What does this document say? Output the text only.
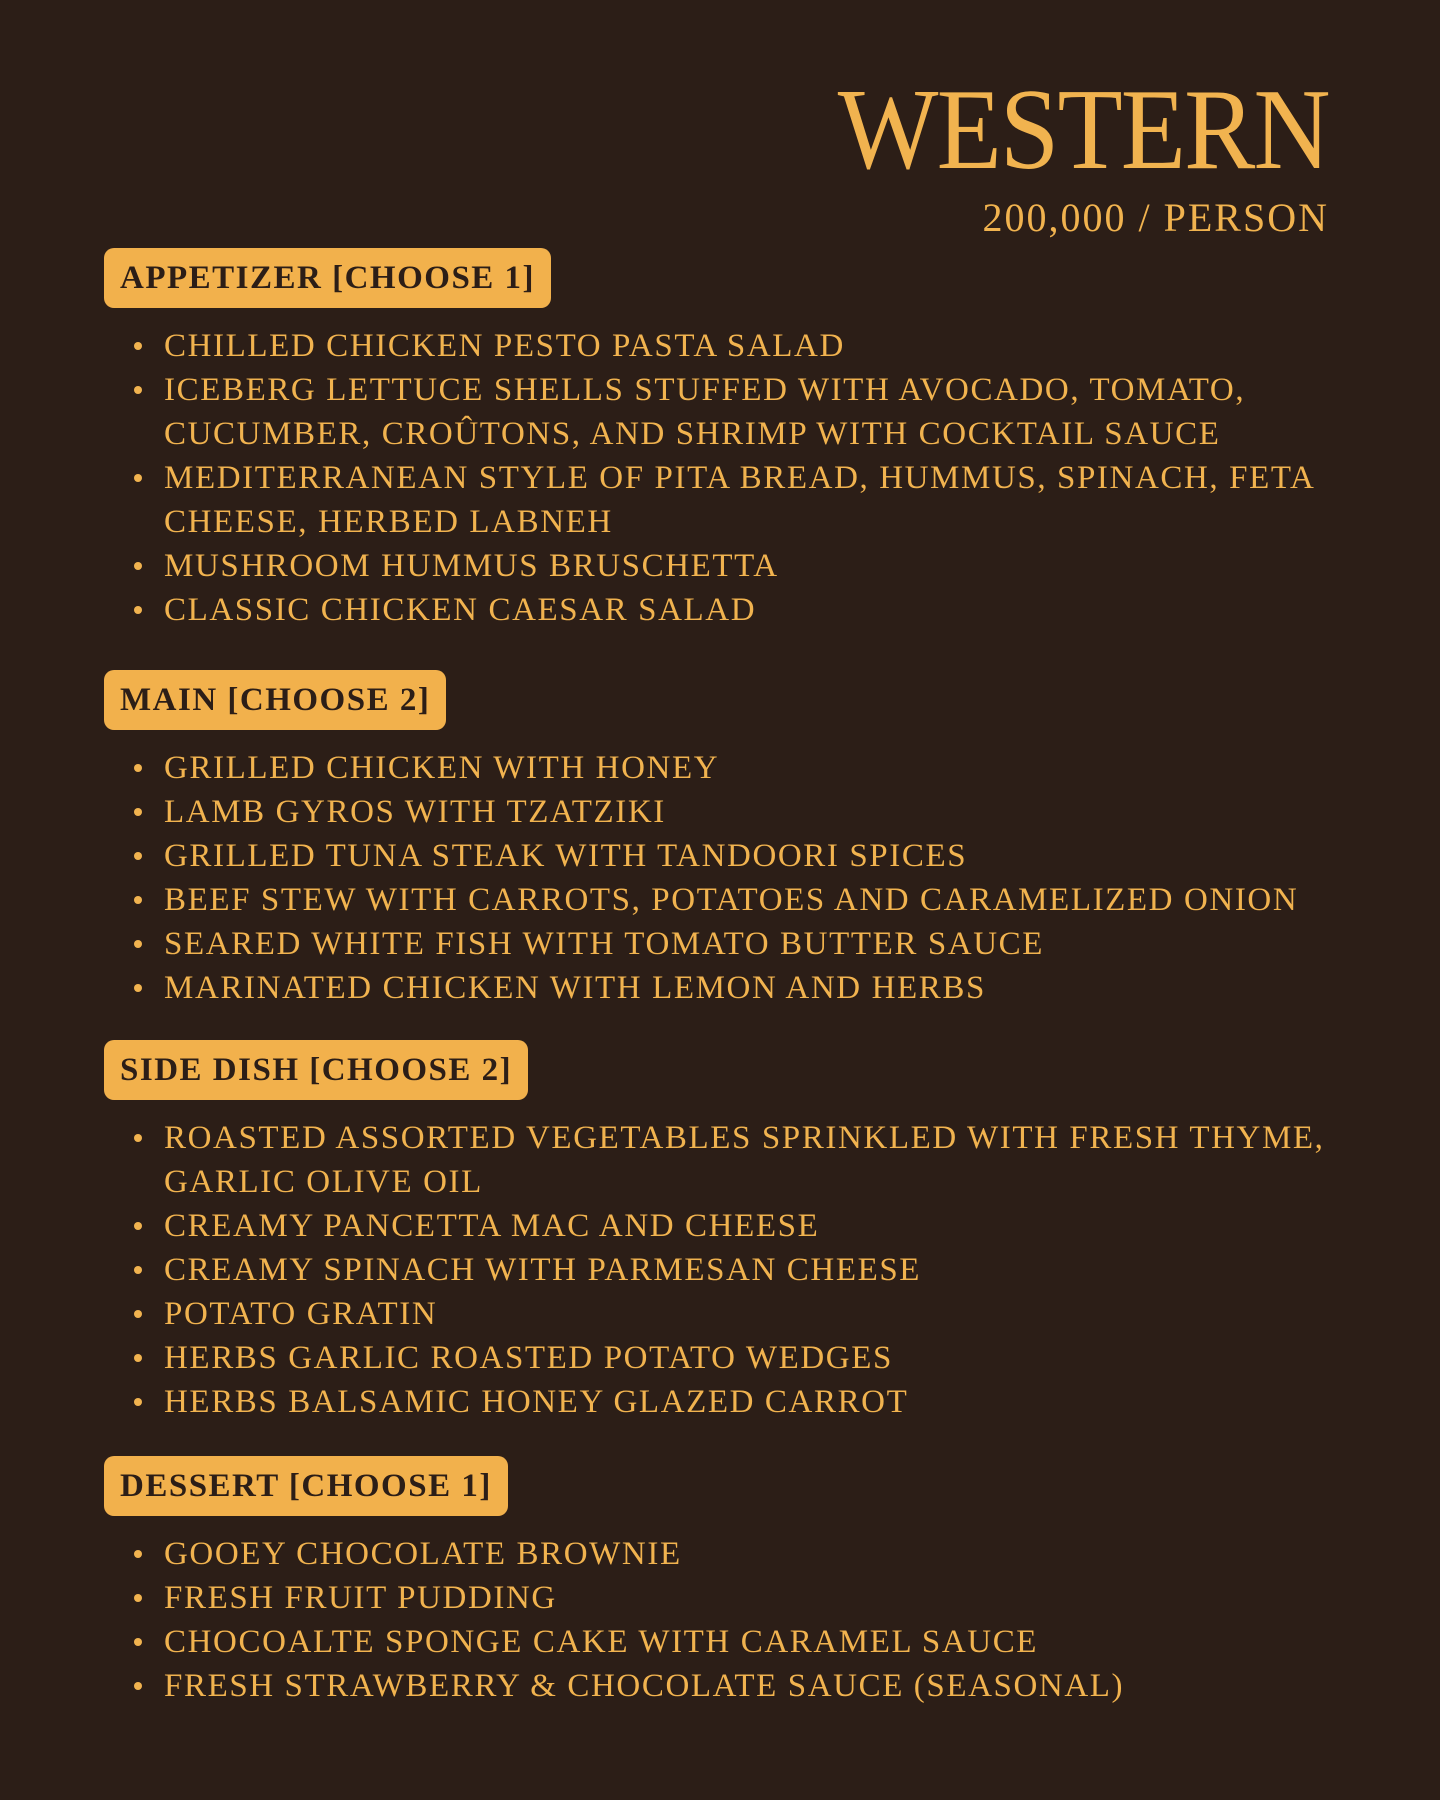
WESTERN
200,000 / PERSON
APPETIZER [CHOOSE 1]
CHILLED CHICKEN PESTO PASTA SALAD
ICEBERG LETTUCE SHELLS STUFFED WITH AVOCADO, TOMATO, CUCUMBER, CROÛTONS, AND SHRIMP WITH COCKTAIL SAUCE
MEDITERRANEAN STYLE OF PITA BREAD, HUMMUS, SPINACH, FETA CHEESE, HERBED LABNEH
MUSHROOM HUMMUS BRUSCHETTA
CLASSIC CHICKEN CAESAR SALAD
MAIN [CHOOSE 2]
GRILLED CHICKEN WITH HONEY
LAMB GYROS WITH TZATZIKI
GRILLED TUNA STEAK WITH TANDOORI SPICES
BEEF STEW WITH CARROTS, POTATOES AND CARAMELIZED ONION
SEARED WHITE FISH WITH TOMATO BUTTER SAUCE
MARINATED CHICKEN WITH LEMON AND HERBS
SIDE DISH [CHOOSE 2]
ROASTED ASSORTED VEGETABLES SPRINKLED WITH FRESH THYME, GARLIC OLIVE OIL
CREAMY PANCETTA MAC AND CHEESE
CREAMY SPINACH WITH PARMESAN CHEESE
POTATO GRATIN
HERBS GARLIC ROASTED POTATO WEDGES
HERBS BALSAMIC HONEY GLAZED CARROT
DESSERT [CHOOSE 1]
GOOEY CHOCOLATE BROWNIE
FRESH FRUIT PUDDING
CHOCOALTE SPONGE CAKE WITH CARAMEL SAUCE
FRESH STRAWBERRY & CHOCOLATE SAUCE (SEASONAL)
